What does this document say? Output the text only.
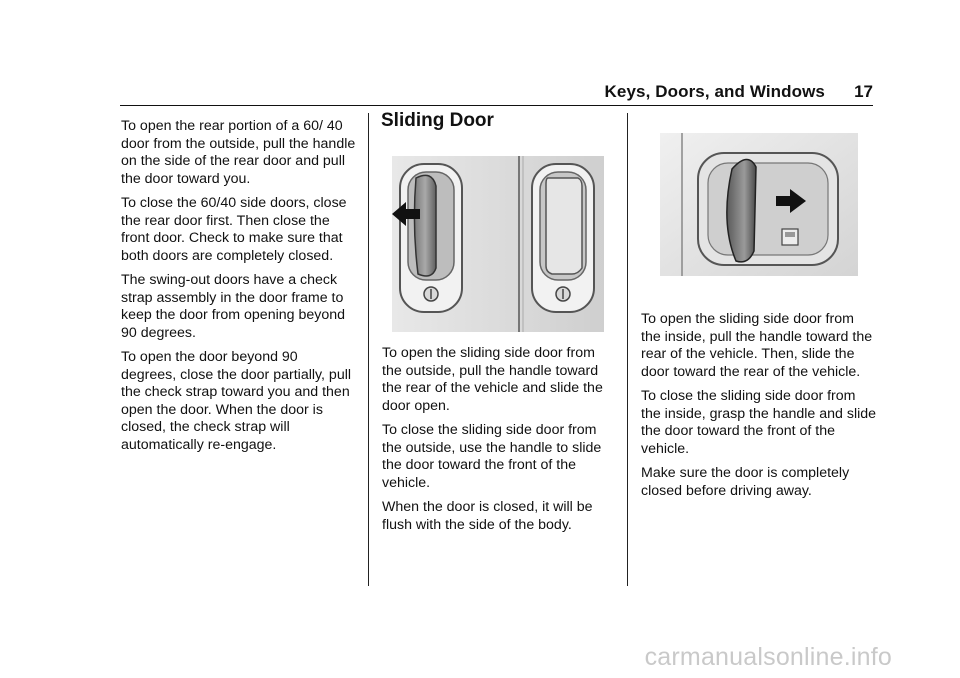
Keys, Doors, and Windows 17

To open the rear portion of a 60/ 40 door from the outside, pull the handle on the side of the rear door and pull the door toward you.

To close the 60/40 side doors, close the rear door first. Then close the front door. Check to make sure that both doors are completely closed.

The swing-out doors have a check strap assembly in the door frame to keep the door from opening beyond 90 degrees.

To open the door beyond 90 degrees, close the door partially, pull the check strap toward you and then open the door. When the door is closed, the check strap will automatically re-engage.

Sliding Door

To open the sliding side door from the outside, pull the handle toward the rear of the vehicle and slide the door open.

To close the sliding side door from the outside, use the handle to slide the door toward the front of the vehicle.

When the door is closed, it will be flush with the side of the body.

To open the sliding side door from the inside, pull the handle toward the rear of the vehicle. Then, slide the door toward the rear of the vehicle.

To close the sliding side door from the inside, grasp the handle and slide the door toward the front of the vehicle.

Make sure the door is completely closed before driving away.

carmanualsonline.info
